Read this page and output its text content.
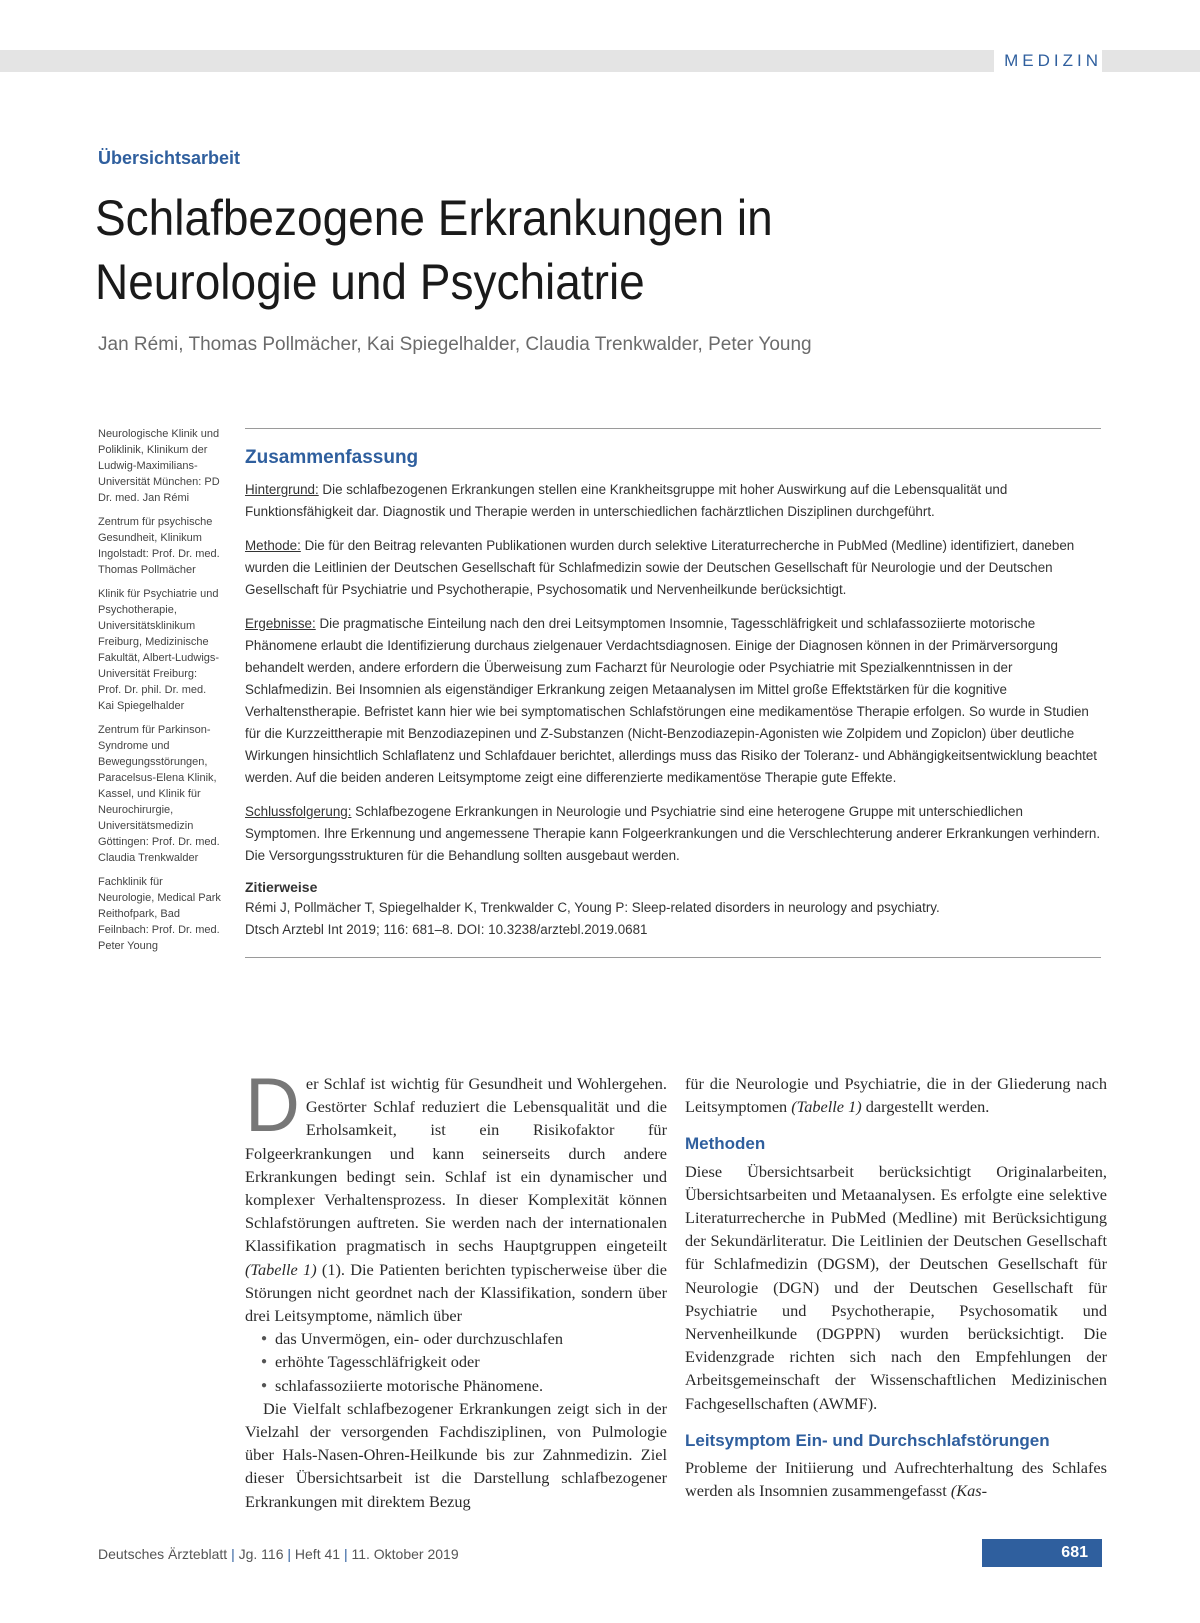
MEDIZIN
Übersichtsarbeit
Schlafbezogene Erkrankungen in Neurologie und Psychiatrie
Jan Rémi, Thomas Pollmächer, Kai Spiegelhalder, Claudia Trenkwalder, Peter Young

Neurologische Klinik und Poliklinik, Klinikum der Ludwig-Maximilians-Universität München: PD Dr. med. Jan Rémi

Zentrum für psychische Gesundheit, Klinikum Ingolstadt: Prof. Dr. med. Thomas Pollmächer

Klinik für Psychiatrie und Psychotherapie, Universitätsklinikum Freiburg, Medizinische Fakultät, Albert-Ludwigs-Universität Freiburg: Prof. Dr. phil. Dr. med. Kai Spiegelhalder

Zentrum für Parkinson-Syndrome und Bewegungsstörungen, Paracelsus-Elena Klinik, Kassel, und Klinik für Neurochirurgie, Universitätsmedizin Göttingen: Prof. Dr. med. Claudia Trenkwalder

Fachklinik für Neurologie, Medical Park Reithofpark, Bad Feilnbach: Prof. Dr. med. Peter Young

Zusammenfassung

Hintergrund: Die schlafbezogenen Erkrankungen stellen eine Krankheitsgruppe mit hoher Auswirkung auf die Lebensqualität und Funktionsfähigkeit dar. Diagnostik und Therapie werden in unterschiedlichen fachärztlichen Disziplinen durchgeführt.

Methode: Die für den Beitrag relevanten Publikationen wurden durch selektive Literaturrecherche in PubMed (Medline) identifiziert, daneben wurden die Leitlinien der Deutschen Gesellschaft für Schlafmedizin sowie der Deutschen Gesellschaft für Neurologie und der Deutschen Gesellschaft für Psychiatrie und Psychotherapie, Psychosomatik und Nervenheilkunde berücksichtigt.

Ergebnisse: Die pragmatische Einteilung nach den drei Leitsymptomen Insomnie, Tagesschläfrigkeit und schlafassoziierte motorische Phänomene erlaubt die Identifizierung durchaus zielgenauer Verdachtsdiagnosen. Einige der Diagnosen können in der Primärversorgung behandelt werden, andere erfordern die Überweisung zum Facharzt für Neurologie oder Psychiatrie mit Spezialkenntnissen in der Schlafmedizin. Bei Insomnien als eigenständiger Erkrankung zeigen Metaanalysen im Mittel große Effektstärken für die kognitive Verhaltenstherapie. Befristet kann hier wie bei symptomatischen Schlafstörungen eine medikamentöse Therapie erfolgen. So wurde in Studien für die Kurzzeittherapie mit Benzodiazepinen und Z-Substanzen (Nicht-Benzodiazepin-Agonisten wie Zolpidem und Zopiclon) über deutliche Wirkungen hinsichtlich Schlaflatenz und Schlafdauer berichtet, allerdings muss das Risiko der Toleranz- und Abhängigkeitsentwicklung beachtet werden. Auf die beiden anderen Leitsymptome zeigt eine differenzierte medikamentöse Therapie gute Effekte.

Schlussfolgerung: Schlafbezogene Erkrankungen in Neurologie und Psychiatrie sind eine heterogene Gruppe mit unterschiedlichen Symptomen. Ihre Erkennung und angemessene Therapie kann Folgeerkrankungen und die Verschlechterung anderer Erkrankungen verhindern. Die Versorgungsstrukturen für die Behandlung sollten ausgebaut werden.

Zitierweise

Rémi J, Pollmächer T, Spiegelhalder K, Trenkwalder C, Young P: Sleep-related disorders in neurology and psychiatry.

Dtsch Arztebl Int 2019; 116: 681–8. DOI: 10.3238/arztebl.2019.0681

Der Schlaf ist wichtig für Gesundheit und Wohlergehen. Gestörter Schlaf reduziert die Lebensqualität und die Erholsamkeit, ist ein Risikofaktor für Folgeerkrankungen und kann seinerseits durch andere Erkrankungen bedingt sein. Schlaf ist ein dynamischer und komplexer Verhaltensprozess. In dieser Komplexität können Schlafstörungen auftreten. Sie werden nach der internationalen Klassifikation pragmatisch in sechs Hauptgruppen eingeteilt (Tabelle 1) (1). Die Patienten berichten typischerweise über die Störungen nicht geordnet nach der Klassifikation, sondern über drei Leitsymptome, nämlich über

● das Unvermögen, ein- oder durchzuschlafen
● erhöhte Tagesschläfrigkeit oder
● schlafassoziierte motorische Phänomene.

Die Vielfalt schlafbezogener Erkrankungen zeigt sich in der Vielzahl der versorgenden Fachdisziplinen, von Pulmologie über Hals-Nasen-Ohren-Heilkunde bis zur Zahnmedizin. Ziel dieser Übersichtsarbeit ist die Darstellung schlafbezogener Erkrankungen mit direktem Bezug

für die Neurologie und Psychiatrie, die in der Gliederung nach Leitsymptomen (Tabelle 1) dargestellt werden.

Methoden

Diese Übersichtsarbeit berücksichtigt Originalarbeiten, Übersichtsarbeiten und Metaanalysen. Es erfolgte eine selektive Literaturrecherche in PubMed (Medline) mit Berücksichtigung der Sekundärliteratur. Die Leitlinien der Deutschen Gesellschaft für Schlafmedizin (DGSM), der Deutschen Gesellschaft für Neurologie (DGN) und der Deutschen Gesellschaft für Psychiatrie und Psychotherapie, Psychosomatik und Nervenheilkunde (DGPPN) wurden berücksichtigt. Die Evidenzgrade richten sich nach den Empfehlungen der Arbeitsgemeinschaft der Wissenschaftlichen Medizinischen Fachgesellschaften (AWMF).

Leitsymptom Ein- und Durchschlafstörungen

Probleme der Initiierung und Aufrechterhaltung des Schlafes werden als Insomnien zusammengefasst (Kas-

Deutsches Ärzteblatt | Jg. 116 | Heft 41 | 11. Oktober 2019	681
